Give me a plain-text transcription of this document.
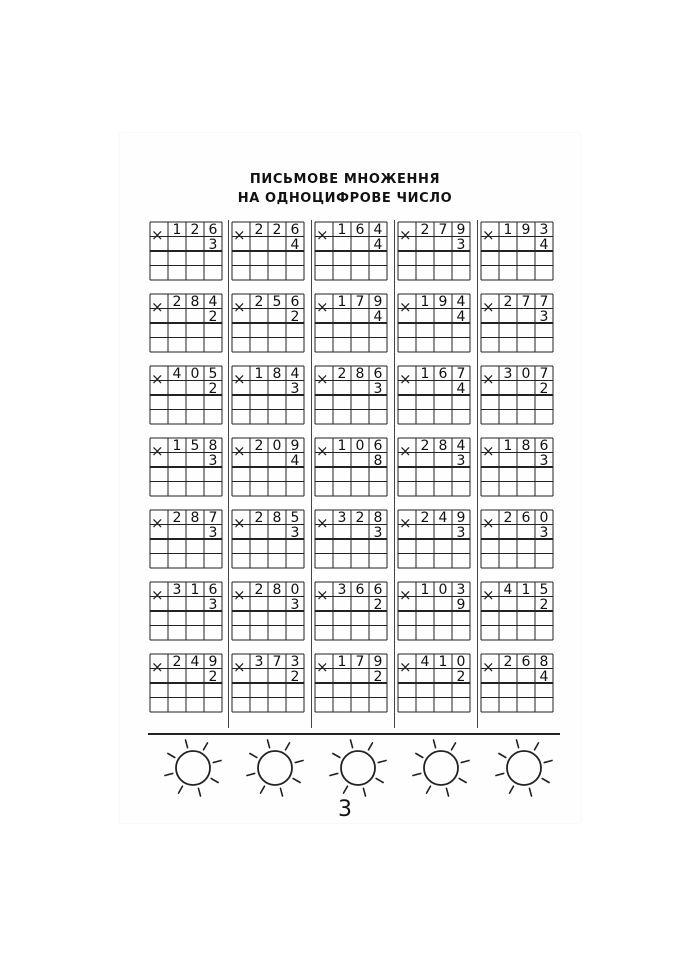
ПИСЬМОВЕ МНОЖЕННЯ
НА ОДНОЦИФРОВЕ ЧИСЛО
× 1 2 6
3
× 2 2 6
4
× 1 6 4
4
× 2 7 9
3
× 1 9 3
4
× 2 8 4
2
× 2 5 6
2
× 1 7 9
4
× 1 9 4
4
× 2 7 7
3
× 4 0 5
2
× 1 8 4
3
× 2 8 6
3
× 1 6 7
4
× 3 0 7
2
× 1 5 8
3
× 2 0 9
4
× 1 0 6
8
× 2 8 4
3
× 1 8 6
3
× 2 8 7
3
× 2 8 5
3
× 3 2 8
3
× 2 4 9
3
× 2 6 0
3
× 3 1 6
3
× 2 8 0
3
× 3 6 6
2
× 1 0 3
9
× 4 1 5
2
× 2 4 9
2
× 3 7 3
2
× 1 7 9
2
× 4 1 0
2
× 2 6 8
4
3
